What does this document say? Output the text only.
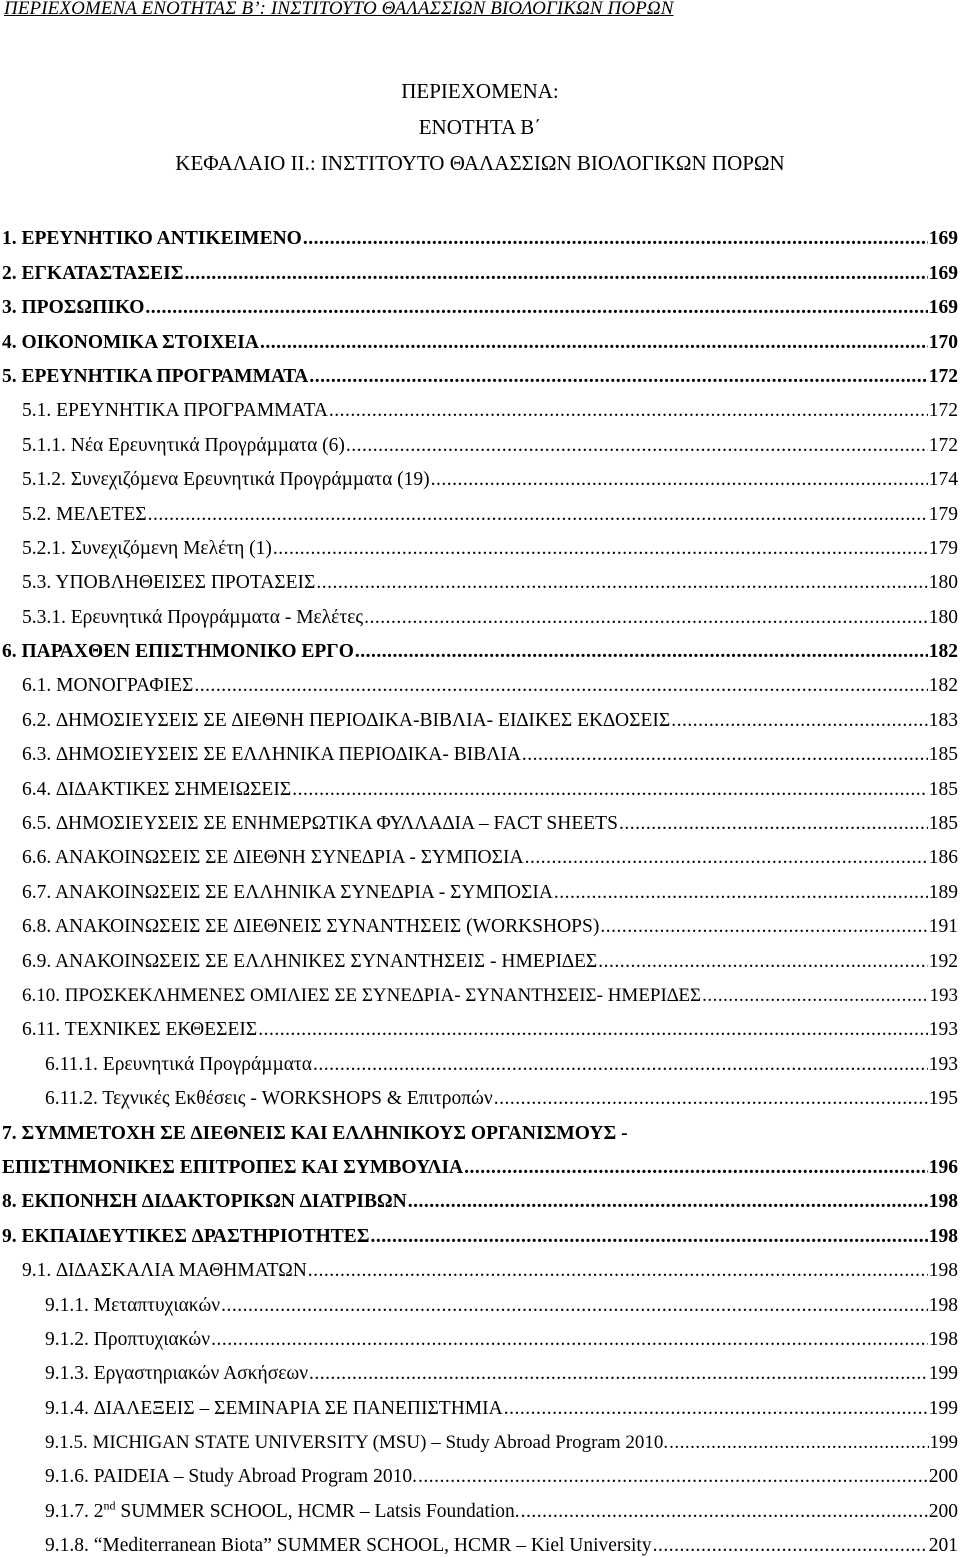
ΠΕΡΙΕΧΟΜΕΝΑ ΕΝΟΤΗΤΑΣ Β’: ΙΝΣΤΙΤΟΥΤΟ ΘΑΛΑΣΣΙΩΝ ΒΙΟΛΟΓΙΚΩΝ ΠΟΡΩΝ
ΠΕΡΙΕΧΟΜΕΝΑ:
ΕΝΟΤΗΤΑ Β΄
ΚΕΦΑΛΑΙΟ ΙΙ.: ΙΝΣΤΙΤΟΥΤΟ ΘΑΛΑΣΣΙΩΝ ΒΙΟΛΟΓΙΚΩΝ ΠΟΡΩΝ
1. ΕΡΕΥΝΗΤΙΚΟ ΑΝΤΙΚΕΙΜΕΝΟ .....	169
2. ΕΓΚΑΤΑΣΤΑΣΕΙΣ .....	169
3. ΠΡΟΣΩΠΙΚΟ .....	169
4. ΟΙΚΟΝΟΜΙΚΑ ΣΤΟΙΧΕΙΑ .....	170
5. ΕΡΕΥΝΗΤΙΚΑ ΠΡΟΓΡΑΜΜΑΤΑ .....	172
5.1. ΕΡΕΥΝΗΤΙΚΑ ΠΡΟΓΡΑΜΜΑΤΑ .....	172
5.1.1. Νέα Ερευνητικά Προγράµµατα (6) .....	172
5.1.2. Συνεχιζόµενα Ερευνητικά Προγράµµατα (19) .....	174
5.2. ΜΕΛΕΤΕΣ .....	179
5.2.1. Συνεχιζόµενη Μελέτη (1) .....	179
5.3. ΥΠΟΒΛΗΘΕΙΣΕΣ ΠΡΟΤΑΣΕΙΣ .....	180
5.3.1. Ερευνητικά Προγράµµατα - Μελέτες .....	180
6. ΠΑΡΑΧΘΕΝ ΕΠΙΣΤΗΜΟΝΙΚΟ ΕΡΓΟ .....	182
6.1. ΜΟΝΟΓΡΑΦΙΕΣ .....	182
6.2. ∆ΗΜΟΣΙΕΥΣΕΙΣ ΣΕ ∆ΙΕΘΝΗ ΠΕΡΙΟ∆ΙΚΑ-ΒΙΒΛΙΑ- ΕΙ∆ΙΚΕΣ ΕΚ∆ΟΣΕΙΣ .....	183
6.3. ∆ΗΜΟΣΙΕΥΣΕΙΣ ΣΕ ΕΛΛΗΝΙΚΑ ΠΕΡΙΟ∆ΙΚΑ- ΒΙΒΛΙΑ .....	185
6.4. ∆Ι∆ΑΚΤΙΚΕΣ ΣΗΜΕΙΩΣΕΙΣ .....	185
6.5. ∆ΗΜΟΣΙΕΥΣΕΙΣ ΣΕ ΕΝΗΜΕΡΩΤΙΚΑ ΦΥΛΛΑ∆ΙΑ – FACT SHEETS .....	185
6.6. ΑΝΑΚΟΙΝΩΣΕΙΣ ΣΕ ∆ΙΕΘΝΗ ΣΥΝΕ∆ΡΙΑ - ΣΥΜΠΟΣΙΑ .....	186
6.7. ΑΝΑΚΟΙΝΩΣΕΙΣ ΣΕ ΕΛΛΗΝΙΚΑ ΣΥΝΕ∆ΡΙΑ - ΣΥΜΠΟΣΙΑ .....	189
6.8. ΑΝΑΚΟΙΝΩΣΕΙΣ ΣΕ ∆ΙΕΘΝΕΙΣ ΣΥΝΑΝΤΗΣΕΙΣ (WORKSHOPS) .....	191
6.9. ΑΝΑΚΟΙΝΩΣΕΙΣ ΣΕ ΕΛΛΗΝΙΚΕΣ ΣΥΝΑΝΤΗΣΕΙΣ - ΗΜΕΡΙ∆ΕΣ .....	192
6.10. ΠΡΟΣΚΕΚΛΗΜΕΝΕΣ ΟΜΙΛΙΕΣ ΣΕ ΣΥΝΕ∆ΡΙΑ- ΣΥΝΑΝΤΗΣΕΙΣ- ΗΜΕΡΙ∆ΕΣ .....	193
6.11. ΤΕΧΝΙΚΕΣ ΕΚΘΕΣΕΙΣ .....	193
6.11.1. Ερευνητικά Προγράµµατα .....	193
6.11.2. Τεχνικές Εκθέσεις - WORKSHOPS & Επιτροπών .....	195
7. ΣΥΜΜΕΤΟΧΗ ΣΕ ∆ΙΕΘΝΕΙΣ ΚΑΙ ΕΛΛΗΝΙΚΟΥΣ ΟΡΓΑΝΙΣΜΟΥΣ -
ΕΠΙΣΤΗΜΟΝΙΚΕΣ ΕΠΙΤΡΟΠΕΣ ΚΑΙ ΣΥΜΒΟΥΛΙΑ .....	196
8. ΕΚΠΟΝΗΣΗ ∆Ι∆ΑΚΤΟΡΙΚΩΝ ∆ΙΑΤΡΙΒΩΝ .....	198
9. ΕΚΠΑΙ∆ΕΥΤΙΚΕΣ ∆ΡΑΣΤΗΡΙΟΤΗΤΕΣ .....	198
9.1. ∆Ι∆ΑΣΚΑΛΙΑ ΜΑΘΗΜΑΤΩΝ .....	198
9.1.1. Μεταπτυχιακών .....	198
9.1.2. Προπτυχιακών .....	198
9.1.3. Εργαστηριακών Ασκήσεων .....	199
9.1.4. ∆ΙΑΛΕΞΕΙΣ – ΣΕΜΙΝΑΡΙΑ ΣΕ ΠΑΝΕΠΙΣΤΗΜΙΑ .....	199
9.1.5. MICHIGAN STATE UNIVERSITY (MSU) – Study Abroad Program 2010. .....	199
9.1.6. PAIDEIA – Study Abroad Program 2010. .....	200
9.1.7. 2nd SUMMER SCHOOL, HCMR – Latsis Foundation. .....	200
9.1.8. “Mediterranean Biota” SUMMER SCHOOL, HCMR – Kiel University .....	201
